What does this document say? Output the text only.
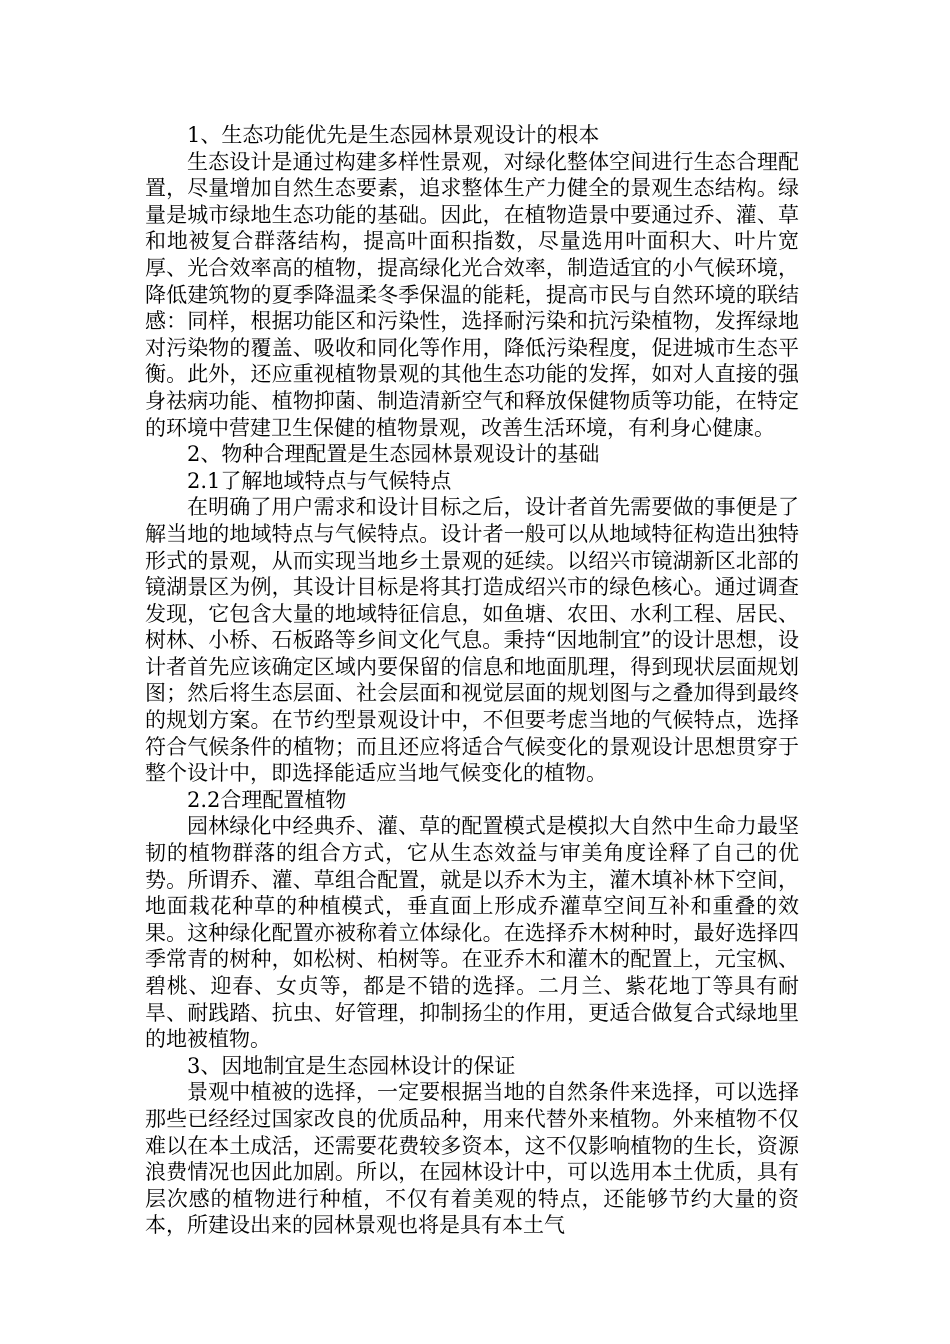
1、生态功能优先是生态园林景观设计的根本

生态设计是通过构建多样性景观，对绿化整体空间进行生态合理配置，尽量增加自然生态要素，追求整体生产力健全的景观生态结构。绿量是城市绿地生态功能的基础。因此，在植物造景中要通过乔、灌、草和地被复合群落结构，提高叶面积指数，尽量选用叶面积大、叶片宽厚、光合效率高的植物，提高绿化光合效率，制造适宜的小气候环境，降低建筑物的夏季降温柔冬季保温的能耗，提高市民与自然环境的联结感：同样，根据功能区和污染性，选择耐污染和抗污染植物，发挥绿地对污染物的覆盖、吸收和同化等作用，降低污染程度，促进城市生态平衡。此外，还应重视植物景观的其他生态功能的发挥，如对人直接的强身祛病功能、植物抑菌、制造清新空气和释放保健物质等功能，在特定的环境中营建卫生保健的植物景观，改善生活环境，有利身心健康。

2、物种合理配置是生态园林景观设计的基础

2.1了解地域特点与气候特点

在明确了用户需求和设计目标之后，设计者首先需要做的事便是了解当地的地域特点与气候特点。设计者一般可以从地域特征构造出独特形式的景观，从而实现当地乡土景观的延续。以绍兴市镜湖新区北部的镜湖景区为例，其设计目标是将其打造成绍兴市的绿色核心。通过调查发现，它包含大量的地域特征信息，如鱼塘、农田、水利工程、居民、树林、小桥、石板路等乡间文化气息。秉持“因地制宜”的设计思想，设计者首先应该确定区域内要保留的信息和地面肌理，得到现状层面规划图；然后将生态层面、社会层面和视觉层面的规划图与之叠加得到最终的规划方案。在节约型景观设计中，不但要考虑当地的气候特点，选择符合气候条件的植物；而且还应将适合气候变化的景观设计思想贯穿于整个设计中，即选择能适应当地气候变化的植物。

2.2合理配置植物

园林绿化中经典乔、灌、草的配置模式是模拟大自然中生命力最坚韧的植物群落的组合方式，它从生态效益与审美角度诠释了自己的优势。所谓乔、灌、草组合配置，就是以乔木为主，灌木填补林下空间，地面栽花种草的种植模式，垂直面上形成乔灌草空间互补和重叠的效果。这种绿化配置亦被称着立体绿化。在选择乔木树种时，最好选择四季常青的树种，如松树、柏树等。在亚乔木和灌木的配置上，元宝枫、碧桃、迎春、女贞等，都是不错的选择。二月兰、紫花地丁等具有耐旱、耐践踏、抗虫、好管理，抑制扬尘的作用，更适合做复合式绿地里的地被植物。

3、因地制宜是生态园林设计的保证

景观中植被的选择，一定要根据当地的自然条件来选择，可以选择那些已经经过国家改良的优质品种，用来代替外来植物。外来植物不仅难以在本土成活，还需要花费较多资本，这不仅影响植物的生长，资源浪费情况也因此加剧。所以，在园林设计中，可以选用本土优质，具有层次感的植物进行种植，不仅有着美观的特点，还能够节约大量的资本，所建设出来的园林景观也将是具有本土气
